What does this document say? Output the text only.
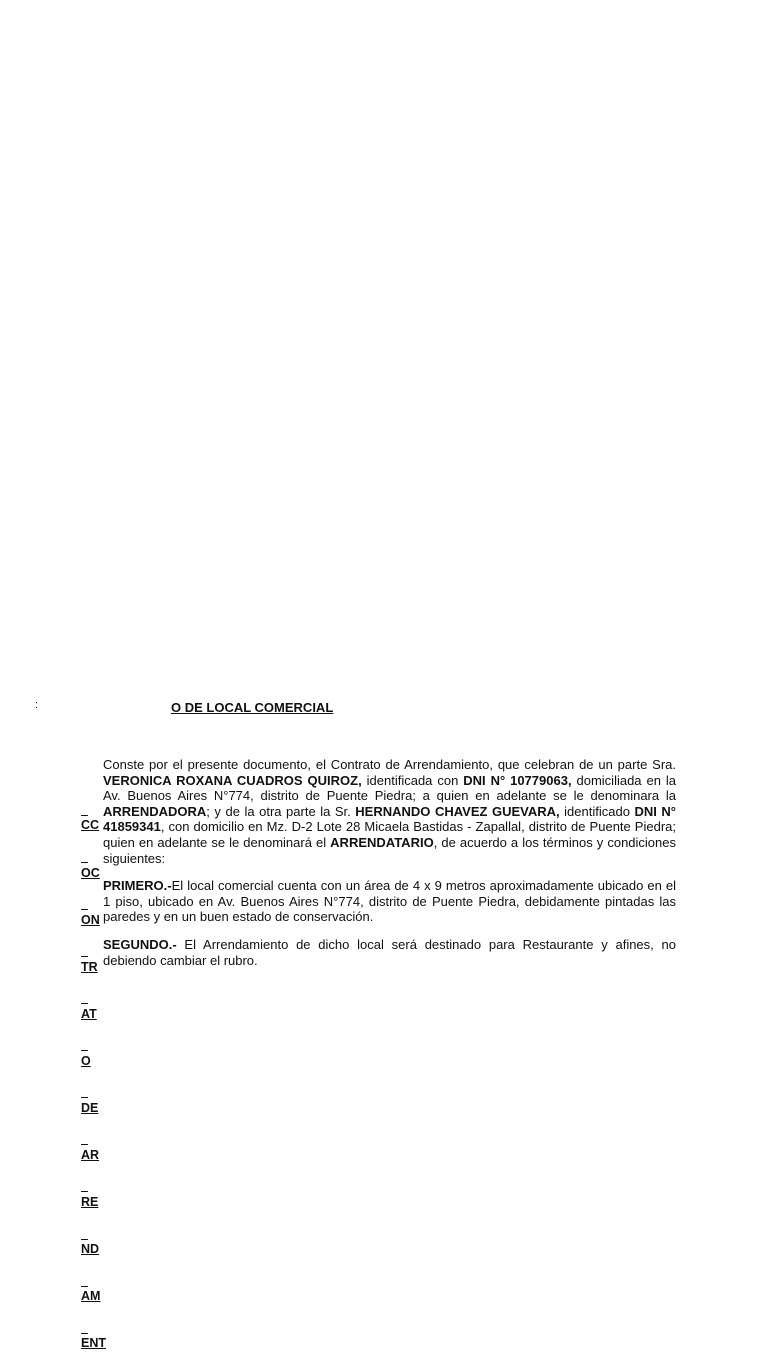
:	O DE LOCAL COMERCIAL

CC

OC

ON

TR

AT

O

DE

AR

RE

ND

AM

ENT

Conste por el presente documento, el Contrato de Arrendamiento, que celebran de un parte Sra. VERONICA ROXANA CUADROS QUIROZ, identificada con DNI N° 10779063, domiciliada en la Av. Buenos Aires N°774, distrito de Puente Piedra; a quien en adelante se le denominara la ARRENDADORA; y de la otra parte la Sr. HERNANDO CHAVEZ GUEVARA, identificado DNI N° 41859341, con domicilio en Mz. D-2 Lote 28 Micaela Bastidas - Zapallal, distrito de Puente Piedra; quien en adelante se le denominará el ARRENDATARIO, de acuerdo a los términos y condiciones siguientes:

PRIMERO.-El local comercial cuenta con un área de 4 x 9 metros aproximadamente ubicado en el 1 piso, ubicado en Av. Buenos Aires N°774, distrito de Puente Piedra, debidamente pintadas las paredes y en un buen estado de conservación.

SEGUNDO.- El Arrendamiento de dicho local será destinado para Restaurante y afines, no debiendo cambiar el rubro.
